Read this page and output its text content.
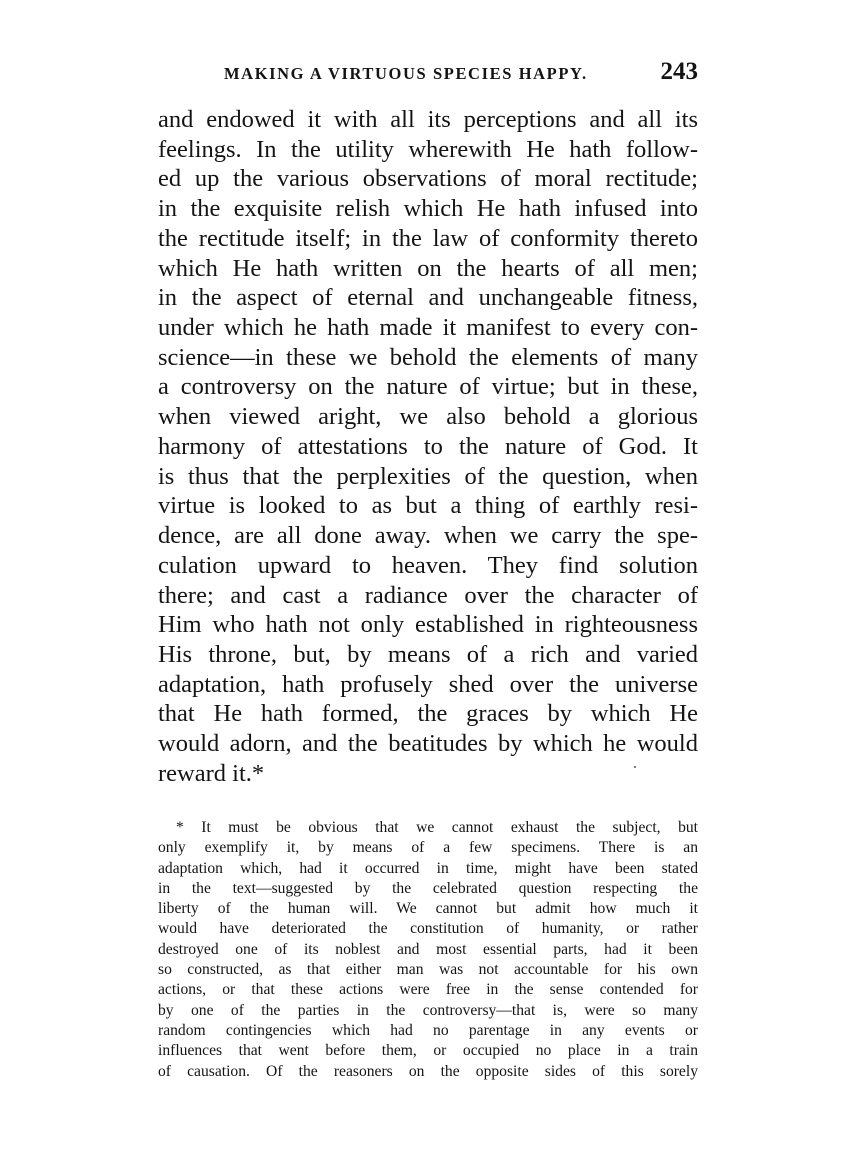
MAKING A VIRTUOUS SPECIES HAPPY.	243
and endowed it with all its perceptions and all its
feelings. In the utility wherewith He hath follow-
ed up the various observations of moral rectitude;
in the exquisite relish which He hath infused into
the rectitude itself; in the law of conformity thereto
which He hath written on the hearts of all men;
in the aspect of eternal and unchangeable fitness,
under which he hath made it manifest to every con-
science—in these we behold the elements of many
a controversy on the nature of virtue; but in these,
when viewed aright, we also behold a glorious
harmony of attestations to the nature of God. It
is thus that the perplexities of the question, when
virtue is looked to as but a thing of earthly resi-
dence, are all done away. when we carry the spe-
culation upward to heaven. They find solution
there; and cast a radiance over the character of
Him who hath not only established in righteousness
His throne, but, by means of a rich and varied
adaptation, hath profusely shed over the universe
that He hath formed, the graces by which He
would adorn, and the beatitudes by which he would
reward it.*
* It must be obvious that we cannot exhaust the subject, but
only exemplify it, by means of a few specimens. There is an
adaptation which, had it occurred in time, might have been stated
in the text—suggested by the celebrated question respecting the
liberty of the human will. We cannot but admit how much it
would have deteriorated the constitution of humanity, or rather
destroyed one of its noblest and most essential parts, had it been
so constructed, as that either man was not accountable for his own
actions, or that these actions were free in the sense contended for
by one of the parties in the controversy—that is, were so many
random contingencies which had no parentage in any events or
influences that went before them, or occupied no place in a train
of causation. Of the reasoners on the opposite sides of this sorely
